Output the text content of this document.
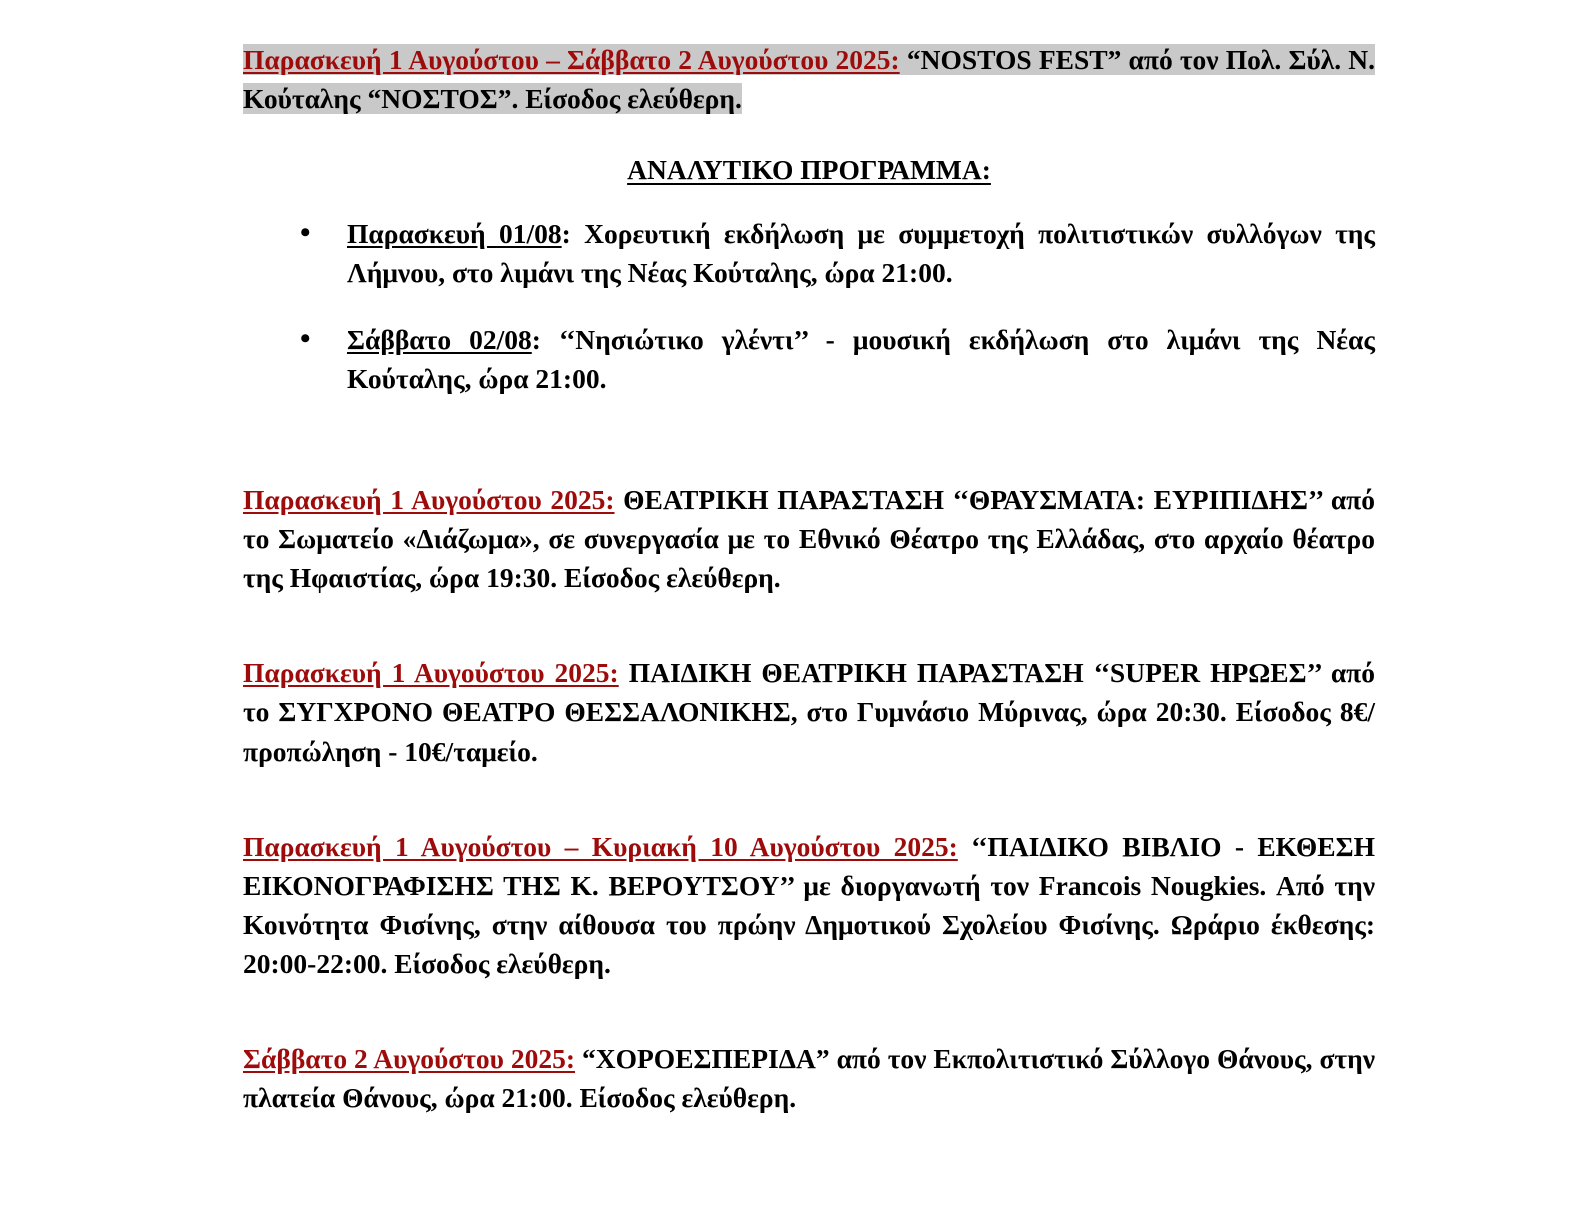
Παρασκευή 1 Αυγούστου – Σάββατο 2 Αυγούστου 2025: “NOSTOS FEST” από τον Πολ. Σύλ. Ν. Κούταλης “ΝΟΣΤΟΣ”. Είσοδος ελεύθερη.

ΑΝΑΛΥΤΙΚΟ ΠΡΟΓΡΑΜΜΑ:

• Παρασκευή 01/08: Χορευτική εκδήλωση με συμμετοχή πολιτιστικών συλλόγων της Λήμνου, στο λιμάνι της Νέας Κούταλης, ώρα 21:00.
• Σάββατο 02/08: ‘‘Νησιώτικο γλέντι’’ - μουσική εκδήλωση στο λιμάνι της Νέας Κούταλης, ώρα 21:00.

Παρασκευή 1 Αυγούστου 2025: ΘΕΑΤΡΙΚΗ ΠΑΡΑΣΤΑΣΗ ‘‘ΘΡΑΥΣΜΑΤΑ: ΕΥΡΙΠΙΔΗΣ’’ από το Σωματείο «Διάζωμα», σε συνεργασία με το Εθνικό Θέατρο της Ελλάδας, στο αρχαίο θέατρο της Ηφαιστίας, ώρα 19:30. Είσοδος ελεύθερη.

Παρασκευή 1 Αυγούστου 2025: ΠΑΙΔΙΚΗ ΘΕΑΤΡΙΚΗ ΠΑΡΑΣΤΑΣΗ ‘‘SUPER ΗΡΩΕΣ’’ από το ΣΥΓΧΡΟΝΟ ΘΕΑΤΡΟ ΘΕΣΣΑΛΟΝΙΚΗΣ, στο Γυμνάσιο Μύρινας, ώρα 20:30. Είσοδος 8€/προπώληση - 10€/ταμείο.

Παρασκευή 1 Αυγούστου – Κυριακή 10 Αυγούστου 2025: ‘‘ΠΑΙΔΙΚΟ ΒΙΒΛΙΟ - ΕΚΘΕΣΗ ΕΙΚΟΝΟΓΡΑΦΙΣΗΣ ΤΗΣ Κ. ΒΕΡΟΥΤΣΟΥ’’ με διοργανωτή τον Francois Nougkies. Από την Κοινότητα Φισίνης, στην αίθουσα του πρώην Δημοτικού Σχολείου Φισίνης. Ωράριο έκθεσης: 20:00-22:00. Είσοδος ελεύθερη.

Σάββατο 2 Αυγούστου 2025: “ΧΟΡΟΕΣΠΕΡΙΔΑ” από τον Εκπολιτιστικό Σύλλογο Θάνους, στην πλατεία Θάνους, ώρα 21:00. Είσοδος ελεύθερη.
